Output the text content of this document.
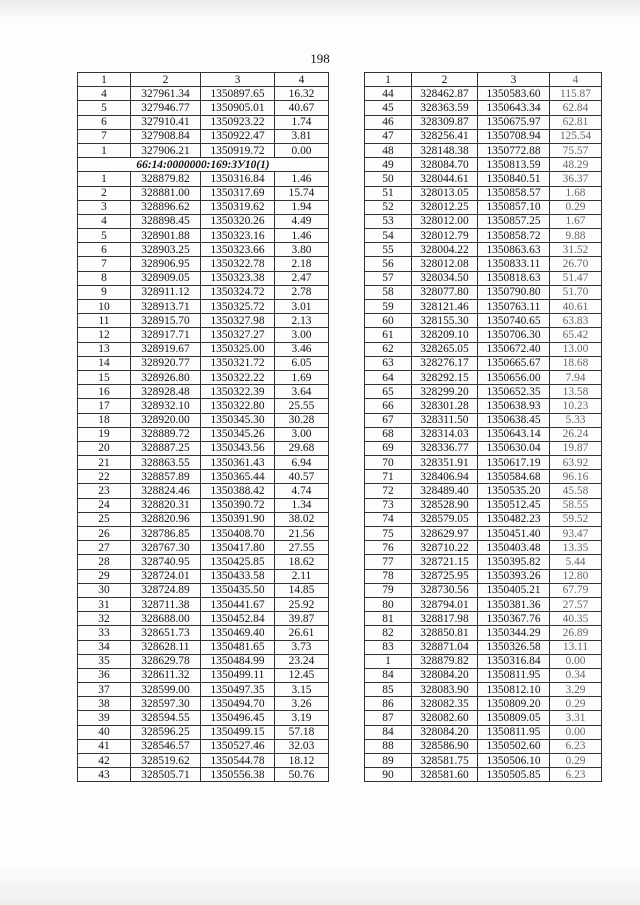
198
1	2	3	4
4	327961.34	1350897.65	16.32
5	327946.77	1350905.01	40.67
6	327910.41	1350923.22	1.74
7	327908.84	1350922.47	3.81
1	327906.21	1350919.72	0.00
66:14:0000000:169:ЗУ10(1)			
1	328879.82	1350316.84	1.46
2	328881.00	1350317.69	15.74
3	328896.62	1350319.62	1.94
4	328898.45	1350320.26	4.49
5	328901.88	1350323.16	1.46
6	328903.25	1350323.66	3.80
7	328906.95	1350322.78	2.18
8	328909.05	1350323.38	2.47
9	328911.12	1350324.72	2.78
10	328913.71	1350325.72	3.01
11	328915.70	1350327.98	2.13
12	328917.71	1350327.27	3.00
13	328919.67	1350325.00	3.46
14	328920.77	1350321.72	6.05
15	328926.80	1350322.22	1.69
16	328928.48	1350322.39	3.64
17	328932.10	1350322.80	25.55
18	328920.00	1350345.30	30.28
19	328889.72	1350345.26	3.00
20	328887.25	1350343.56	29.68
21	328863.55	1350361.43	6.94
22	328857.89	1350365.44	40.57
23	328824.46	1350388.42	4.74
24	328820.31	1350390.72	1.34
25	328820.96	1350391.90	38.02
26	328786.85	1350408.70	21.56
27	328767.30	1350417.80	27.55
28	328740.95	1350425.85	18.62
29	328724.01	1350433.58	2.11
30	328724.89	1350435.50	14.85
31	328711.38	1350441.67	25.92
32	328688.00	1350452.84	39.87
33	328651.73	1350469.40	26.61
34	328628.11	1350481.65	3.73
35	328629.78	1350484.99	23.24
36	328611.32	1350499.11	12.45
37	328599.00	1350497.35	3.15
38	328597.30	1350494.70	3.26
39	328594.55	1350496.45	3.19
40	328596.25	1350499.15	57.18
41	328546.57	1350527.46	32.03
42	328519.62	1350544.78	18.12
43	328505.71	1350556.38	50.76
1	2	3	4
44	328462.87	1350583.60	115.87
45	328363.59	1350643.34	62.84
46	328309.87	1350675.97	62.81
47	328256.41	1350708.94	125.54
48	328148.38	1350772.88	75.57
49	328084.70	1350813.59	48.29
50	328044.61	1350840.51	36.37
51	328013.05	1350858.57	1.68
52	328012.25	1350857.10	0.29
53	328012.00	1350857.25	1.67
54	328012.79	1350858.72	9.88
55	328004.22	1350863.63	31.52
56	328012.08	1350833.11	26.70
57	328034.50	1350818.63	51.47
58	328077.80	1350790.80	51.70
59	328121.46	1350763.11	40.61
60	328155.30	1350740.65	63.83
61	328209.10	1350706.30	65.42
62	328265.05	1350672.40	13.00
63	328276.17	1350665.67	18.68
64	328292.15	1350656.00	7.94
65	328299.20	1350652.35	13.58
66	328301.28	1350638.93	10.23
67	328311.50	1350638.45	5.33
68	328314.03	1350643.14	26.24
69	328336.77	1350630.04	19.87
70	328351.91	1350617.19	63.92
71	328406.94	1350584.68	96.16
72	328489.40	1350535.20	45.58
73	328528.90	1350512.45	58.55
74	328579.05	1350482.23	59.52
75	328629.97	1350451.40	93.47
76	328710.22	1350403.48	13.35
77	328721.15	1350395.82	5.44
78	328725.95	1350393.26	12.80
79	328730.56	1350405.21	67.79
80	328794.01	1350381.36	27.57
81	328817.98	1350367.76	40.35
82	328850.81	1350344.29	26.89
83	328871.04	1350326.58	13.11
1	328879.82	1350316.84	0.00
84	328084.20	1350811.95	0.34
85	328083.90	1350812.10	3.29
86	328082.35	1350809.20	0.29
87	328082.60	1350809.05	3.31
84	328084.20	1350811.95	0.00
88	328586.90	1350502.60	6.23
89	328581.75	1350506.10	0.29
90	328581.60	1350505.85	6.23
